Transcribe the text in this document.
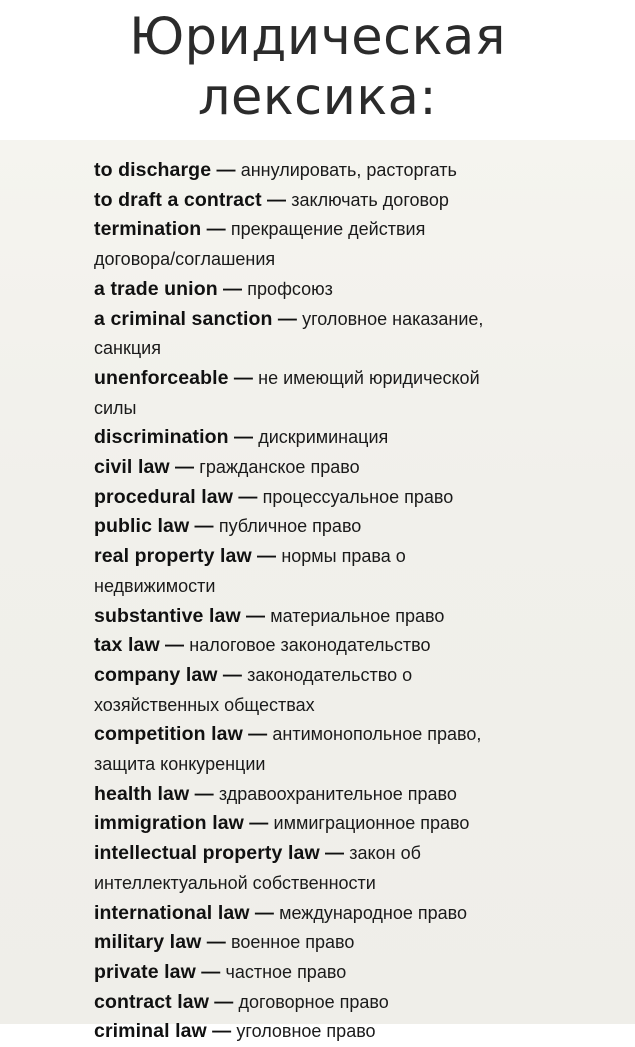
Юридическая
лексика:
to discharge — аннулировать, расторгать
to draft a contract — заключать договор
termination — прекращение действия
договора/соглашения
a trade union — профсоюз
a criminal sanction — уголовное наказание,
санкция
unenforceable — не имеющий юридической
силы
discrimination — дискриминация
civil law — гражданское право
procedural law — процессуальное право
public law — публичное право
real property law — нормы права о
недвижимости
substantive law — материальное право
tax law — налоговое законодательство
company law — законодательство о
хозяйственных обществах
competition law — антимонопольное право,
защита конкуренции
health law — здравоохранительное право
immigration law — иммиграционное право
intellectual property law — закон об
интеллектуальной собственности
international law — международное право
military law — военное право
private law — частное право
contract law — договорное право
criminal law — уголовное право
